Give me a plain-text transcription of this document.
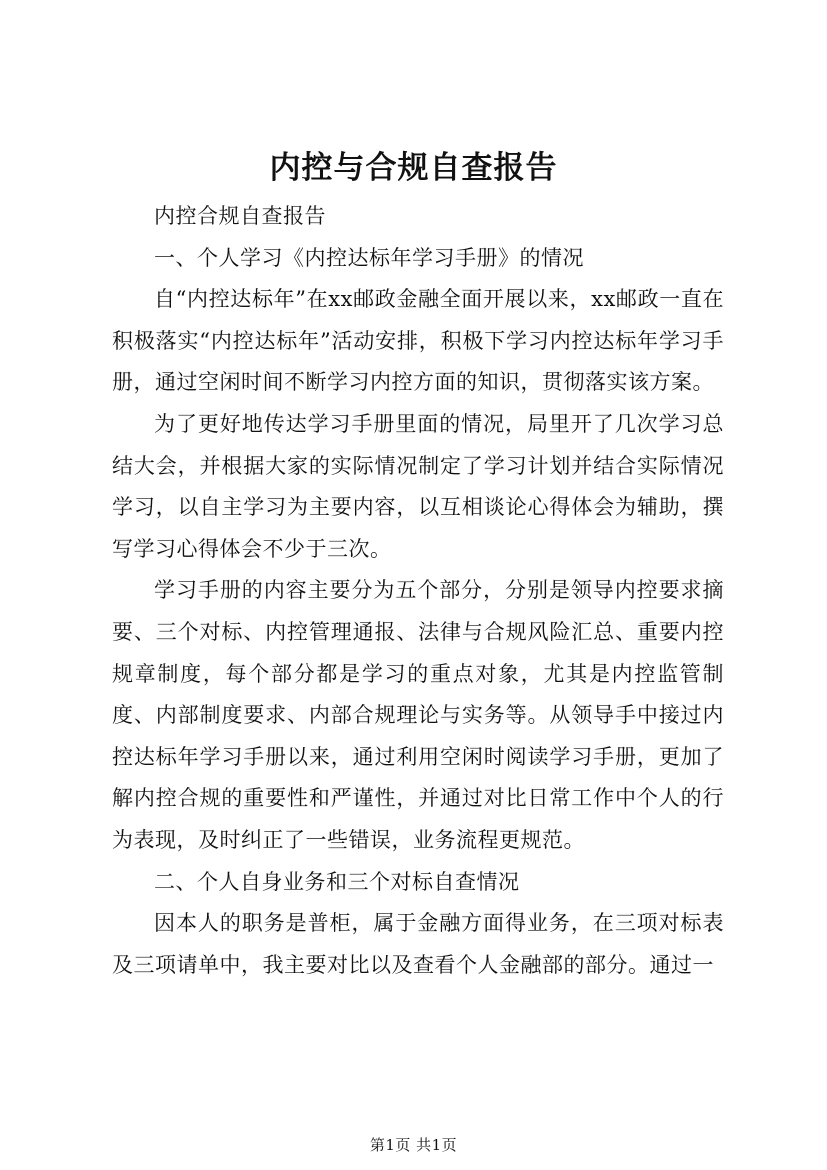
内控与合规自查报告

内控合规自查报告

一、个人学习《内控达标年学习手册》的情况

自“内控达标年”在xx邮政金融全面开展以来，xx邮政一直在积极落实“内控达标年”活动安排，积极下学习内控达标年学习手册，通过空闲时间不断学习内控方面的知识，贯彻落实该方案。

为了更好地传达学习手册里面的情况，局里开了几次学习总结大会，并根据大家的实际情况制定了学习计划并结合实际情况学习，以自主学习为主要内容，以互相谈论心得体会为辅助，撰写学习心得体会不少于三次。

学习手册的内容主要分为五个部分，分别是领导内控要求摘要、三个对标、内控管理通报、法律与合规风险汇总、重要内控规章制度，每个部分都是学习的重点对象，尤其是内控监管制度、内部制度要求、内部合规理论与实务等。从领导手中接过内控达标年学习手册以来，通过利用空闲时阅读学习手册，更加了解内控合规的重要性和严谨性，并通过对比日常工作中个人的行为表现，及时纠正了一些错误，业务流程更规范。

二、个人自身业务和三个对标自查情况

因本人的职务是普柜，属于金融方面得业务，在三项对标表及三项请单中，我主要对比以及查看个人金融部的部分。通过一

第1页 共1页
